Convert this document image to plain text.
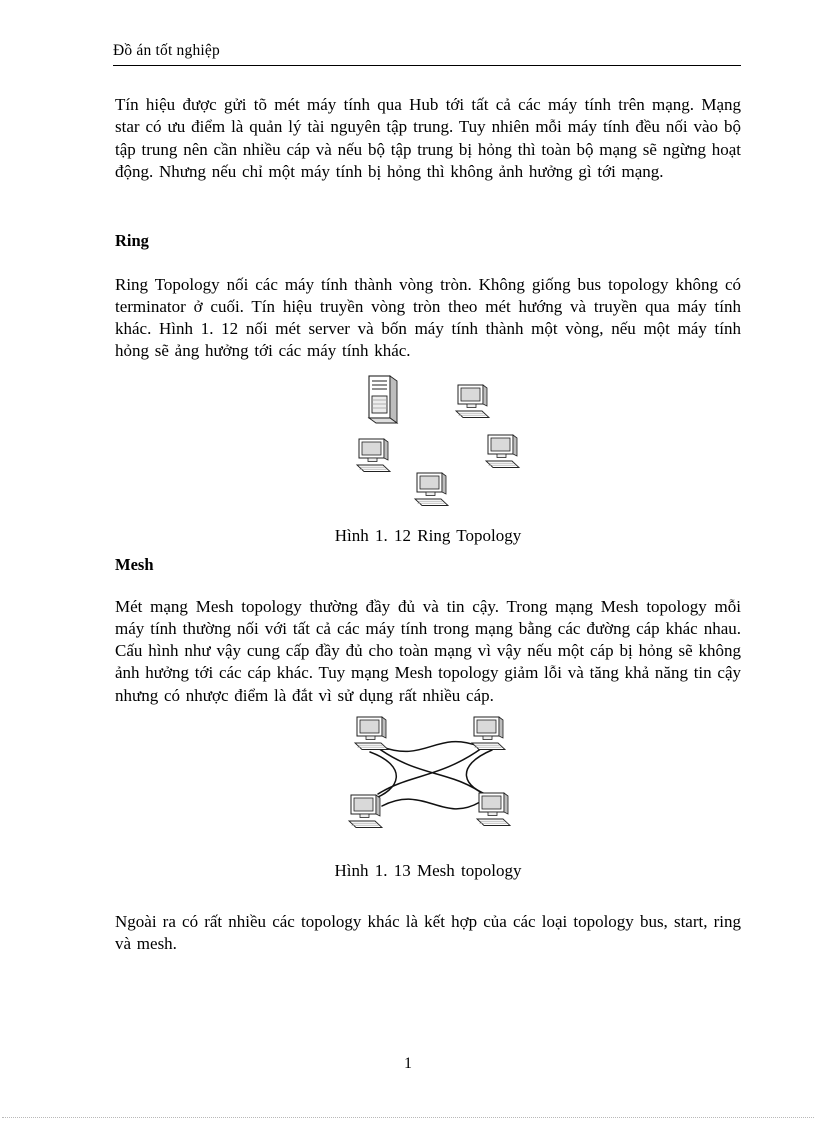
Đồ án tốt nghiệp

Tín hiệu được gửi tõ mét máy tính qua Hub tới tất cả các máy tính trên mạng. Mạng star có ưu điểm là quản lý tài nguyên tập trung. Tuy nhiên mỗi máy tính đều nối vào bộ tập trung nên cần nhiều cáp và nếu bộ tập trung bị hỏng thì toàn bộ mạng sẽ ngừng hoạt động. Nhưng nếu chỉ một máy tính bị hỏng thì không ảnh hưởng gì tới mạng.

Ring

Ring Topology nối các máy tính thành vòng tròn. Không giống bus topology không có terminator ở cuối. Tín hiệu truyền vòng tròn theo mét hướng và truyền qua máy tính khác. Hình 1. 12 nối mét server và bốn máy tính thành một vòng, nếu một máy tính hỏng sẽ ảng hưởng tới các máy tính khác.

Hình 1. 12 Ring Topology
Mesh

Mét mạng Mesh topology thường đầy đủ và tin cậy. Trong mạng Mesh topology mỗi máy tính thường nối với tất cả các máy tính trong mạng bằng các đường cáp khác nhau. Cấu hình như vậy cung cấp đầy đủ cho toàn mạng vì vậy nếu một cáp bị hỏng sẽ không ảnh hưởng tới các cáp khác. Tuy mạng Mesh topology giảm lỗi và tăng khả năng tin cậy nhưng có nhược điểm là đắt vì sử dụng rất nhiều cáp.

Hình 1. 13 Mesh topology

Ngoài ra có rất nhiều các topology khác là kết hợp của các loại topology bus, start, ring và mesh.

1
